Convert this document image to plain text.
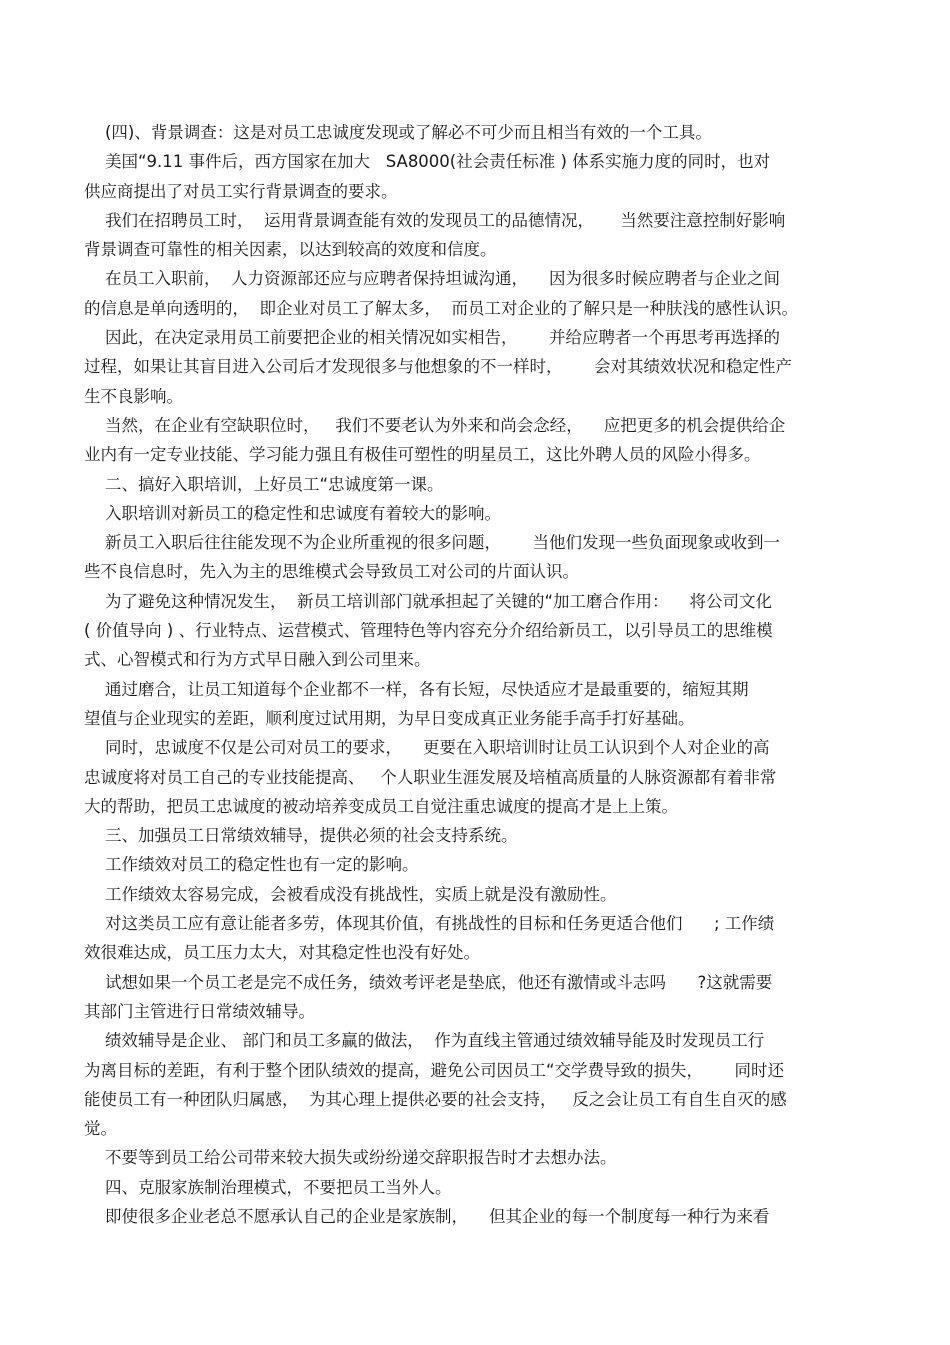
(四)、背景调查：这是对员工忠诚度发现或了解必不可少而且相当有效的一个工具。
美国“9.11 事件后，西方国家在加大   SA8000(社会责任标准 ) 体系实施力度的同时，也对
供应商提出了对员工实行背景调查的要求。
我们在招聘员工时，  运用背景调查能有效的发现员工的品德情况，     当然要注意控制好影响
背景调查可靠性的相关因素，以达到较高的效度和信度。
在员工入职前，  人力资源部还应与应聘者保持坦诚沟通，    因为很多时候应聘者与企业之间
的信息是单向透明的，  即企业对员工了解太多，  而员工对企业的了解只是一种肤浅的感性认识。
因此，在决定录用员工前要把企业的相关情况如实相告，      并给应聘者一个再思考再选择的
过程，如果让其盲目进入公司后才发现很多与他想象的不一样时，      会对其绩效状况和稳定性产
生不良影响。
当然，在企业有空缺职位时，   我们不要老认为外来和尚会念经，    应把更多的机会提供给企
业内有一定专业技能、学习能力强且有极佳可塑性的明星员工，这比外聘人员的风险小得多。
二、搞好入职培训，上好员工“忠诚度第一课。
入职培训对新员工的稳定性和忠诚度有着较大的影响。
新员工入职后往往能发现不为企业所重视的很多问题，      当他们发现一些负面现象或收到一
些不良信息时，先入为主的思维模式会导致员工对公司的片面认识。
为了避免这种情况发生，  新员工培训部门就承担起了关键的“加工磨合作用：    将公司文化
( 价值导向 ) 、行业特点、运营模式、管理特色等内容充分介绍给新员工，以引导员工的思维模
式、心智模式和行为方式早日融入到公司里来。
通过磨合，让员工知道每个企业都不一样，各有长短，尽快适应才是最重要的，缩短其期
望值与企业现实的差距，顺利度过试用期，为早日变成真正业务能手高手打好基础。
同时，忠诚度不仅是公司对员工的要求，    更要在入职培训时让员工认识到个人对企业的高
忠诚度将对员工自己的专业技能提高、   个人职业生涯发展及培植高质量的人脉资源都有着非常
大的帮助，把员工忠诚度的被动培养变成员工自觉注重忠诚度的提高才是上上策。
三、加强员工日常绩效辅导，提供必须的社会支持系统。
工作绩效对员工的稳定性也有一定的影响。
工作绩效太容易完成，会被看成没有挑战性，实质上就是没有激励性。
对这类员工应有意让能者多劳，体现其价值，有挑战性的目标和任务更适合他们      ; 工作绩
效很难达成，员工压力太大，对其稳定性也没有好处。
试想如果一个员工老是完不成任务，绩效考评老是垫底，他还有激情或斗志吗      ?这就需要
其部门主管进行日常绩效辅导。
绩效辅导是企业、 部门和员工多赢的做法，  作为直线主管通过绩效辅导能及时发现员工行
为离目标的差距，有利于整个团队绩效的提高，避免公司因员工“交学费导致的损失，      同时还
能使员工有一种团队归属感，  为其心理上提供必要的社会支持，   反之会让员工有自生自灭的感
觉。
不要等到员工给公司带来较大损失或纷纷递交辞职报告时才去想办法。
四、克服家族制治理模式，不要把员工当外人。
即使很多企业老总不愿承认自己的企业是家族制，    但其企业的每一个制度每一种行为来看
